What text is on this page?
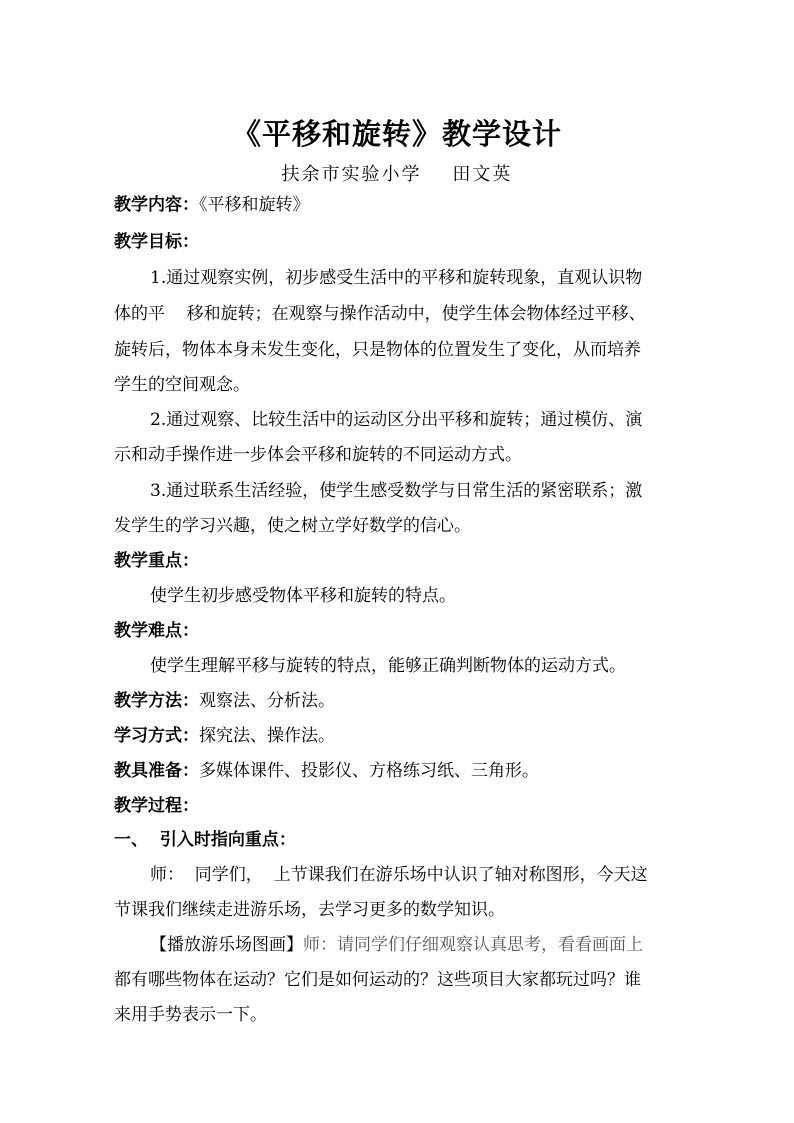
《平移和旋转》教学设计
扶余市实验小学    田文英
教学内容：《平移和旋转》
教学目标：
1.通过观察实例，初步感受生活中的平移和旋转现象，直观认识物
体的平    移和旋转；在观察与操作活动中，使学生体会物体经过平移、
旋转后，物体本身未发生变化，只是物体的位置发生了变化，从而培养
学生的空间观念。
2.通过观察、比较生活中的运动区分出平移和旋转；通过模仿、演
示和动手操作进一步体会平移和旋转的不同运动方式。
3.通过联系生活经验，使学生感受数学与日常生活的紧密联系；激
发学生的学习兴趣，使之树立学好数学的信心。
教学重点：
使学生初步感受物体平移和旋转的特点。
教学难点：
使学生理解平移与旋转的特点，能够正确判断物体的运动方式。
教学方法：观察法、分析法。
学习方式：探究法、操作法。
教具准备：多媒体课件、投影仪、方格练习纸、三角形。
教学过程：
一、  引入时指向重点：
师：  同学们，  上节课我们在游乐场中认识了轴对称图形，今天这
节课我们继续走进游乐场，去学习更多的数学知识。
【播放游乐场图画】师：请同学们仔细观察认真思考，看看画面上
都有哪些物体在运动？它们是如何运动的？这些项目大家都玩过吗？谁
来用手势表示一下。
